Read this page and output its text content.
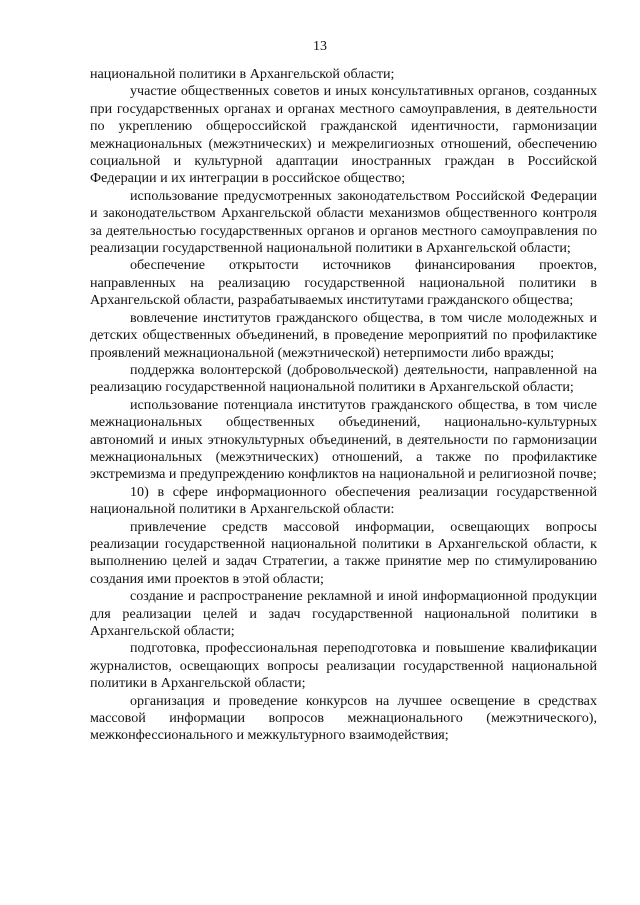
13

национальной политики в Архангельской области;

участие общественных советов и иных консультативных органов, созданных при государственных органах и органах местного самоуправления, в деятельности по укреплению общероссийской гражданской идентичности, гармонизации межнациональных (межэтнических) и межрелигиозных отношений, обеспечению социальной и культурной адаптации иностранных граждан в Российской Федерации и их интеграции в российское общество;

использование предусмотренных законодательством Российской Федерации и законодательством Архангельской области механизмов общественного контроля за деятельностью государственных органов и органов местного самоуправления по реализации государственной национальной политики в Архангельской области;

обеспечение открытости источников финансирования проектов, направленных на реализацию государственной национальной политики в Архангельской области, разрабатываемых институтами гражданского общества;

вовлечение институтов гражданского общества, в том числе молодежных и детских общественных объединений, в проведение мероприятий по профилактике проявлений межнациональной (межэтнической) нетерпимости либо вражды;

поддержка волонтерской (добровольческой) деятельности, направленной на реализацию государственной национальной политики в Архангельской области;

использование потенциала институтов гражданского общества, в том числе межнациональных общественных объединений, национально-культурных автономий и иных этнокультурных объединений, в деятельности по гармонизации межнациональных (межэтнических) отношений, а также по профилактике экстремизма и предупреждению конфликтов на национальной и религиозной почве;

10) в сфере информационного обеспечения реализации государственной национальной политики в Архангельской области:

привлечение средств массовой информации, освещающих вопросы реализации государственной национальной политики в Архангельской области, к выполнению целей и задач Стратегии, а также принятие мер по стимулированию создания ими проектов в этой области;

создание и распространение рекламной и иной информационной продукции для реализации целей и задач государственной национальной политики в Архангельской области;

подготовка, профессиональная переподготовка и повышение квалификации журналистов, освещающих вопросы реализации государственной национальной политики в Архангельской области;

организация и проведение конкурсов на лучшее освещение в средствах массовой информации вопросов межнационального (межэтнического), межконфессионального и межкультурного взаимодействия;
